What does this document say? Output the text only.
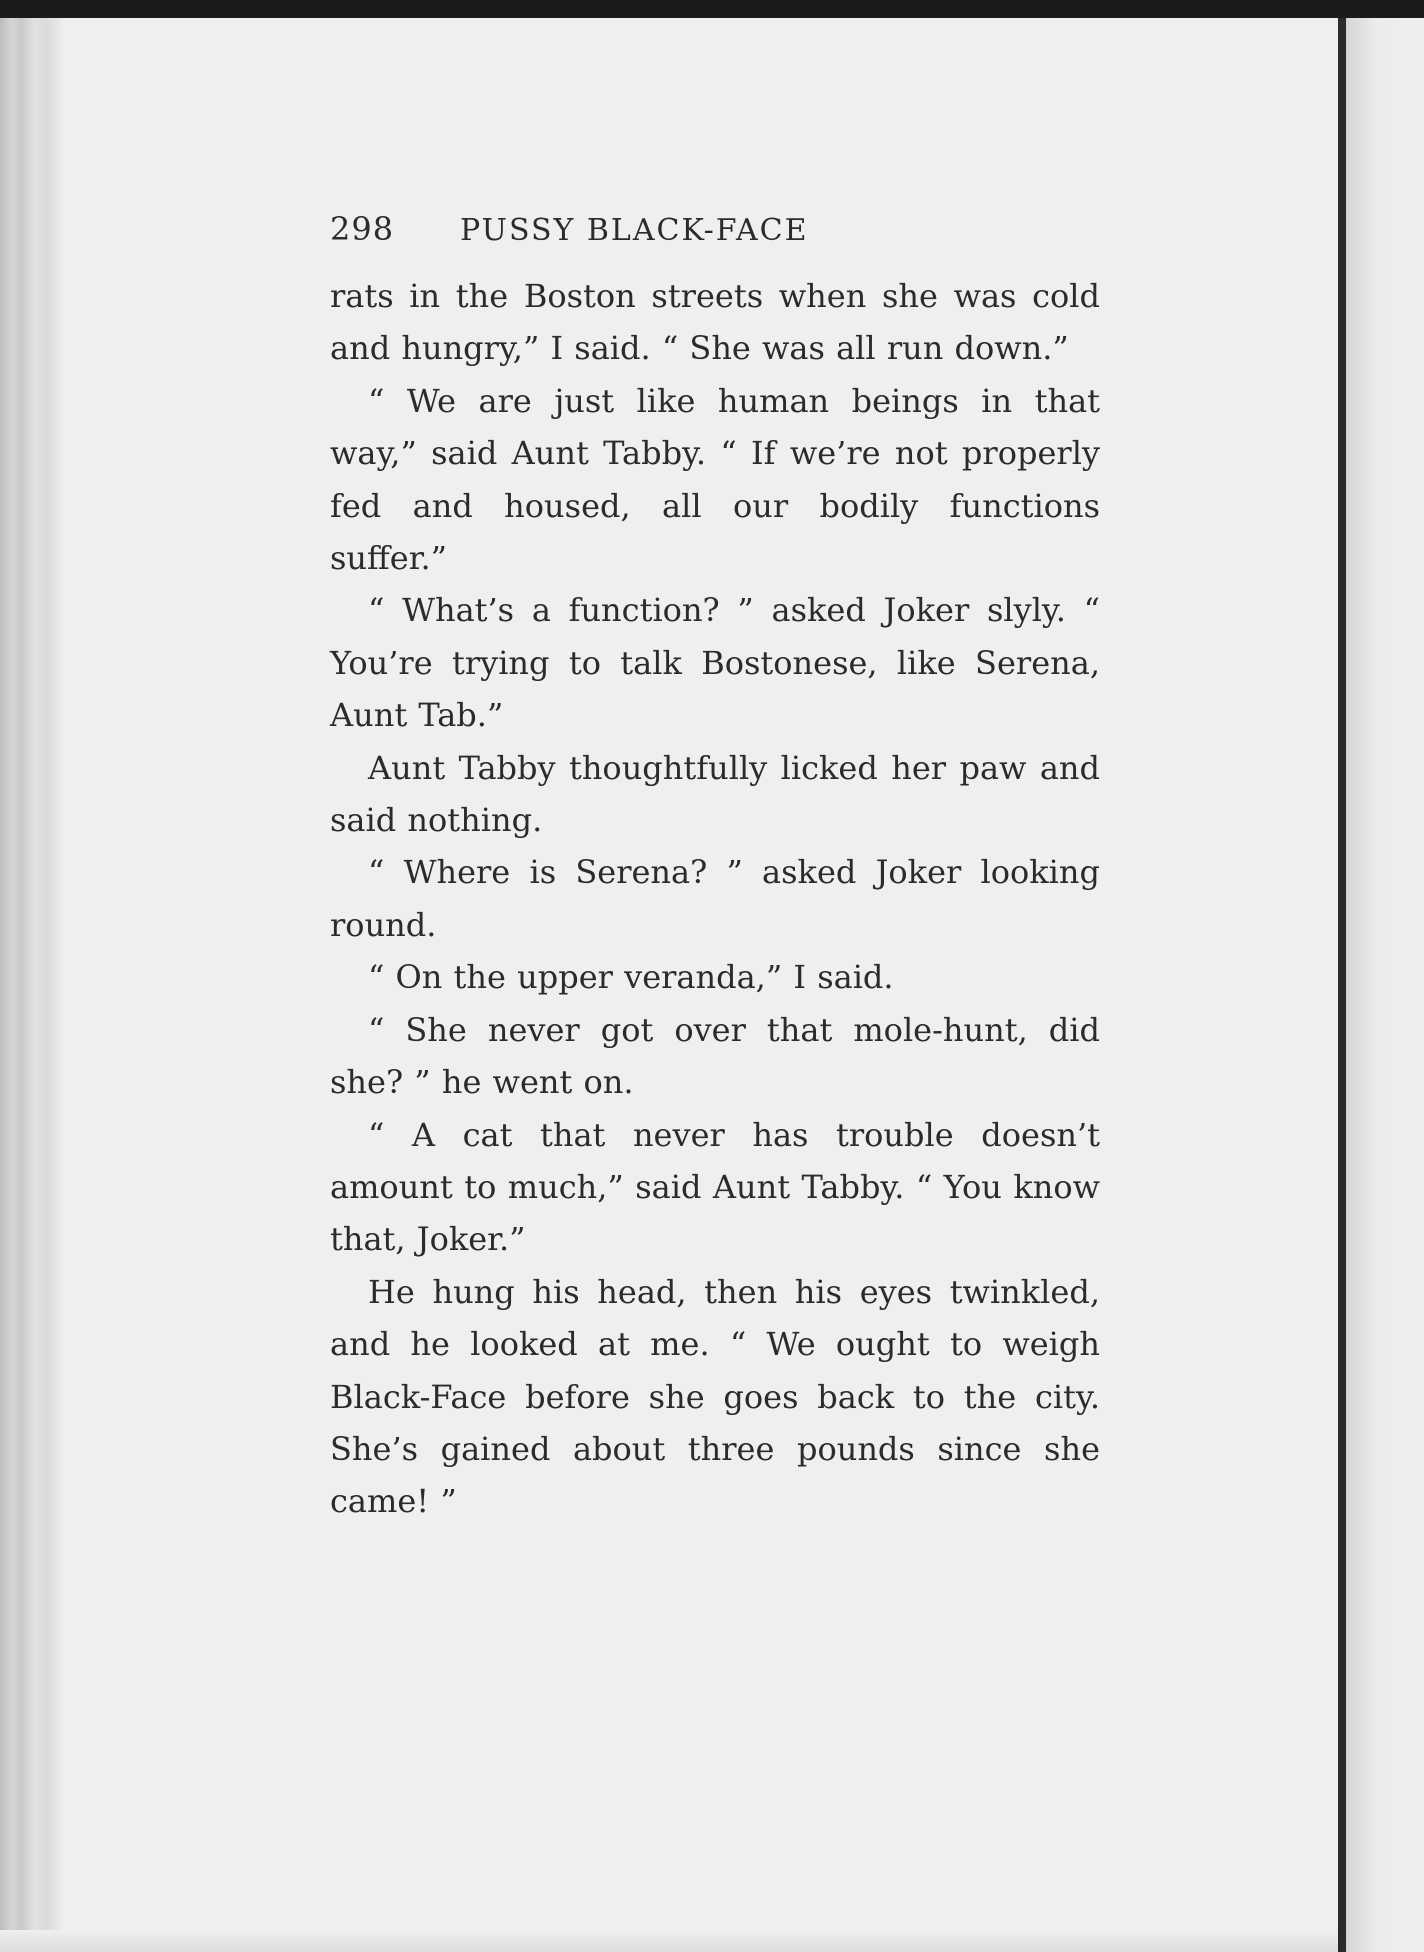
298	PUSSY BLACK-FACE

rats in the Boston streets when she was cold and hungry,” I said. “ She was all run down.”

“ We are just like human beings in that way,” said Aunt Tabby. “ If we’re not properly fed and housed, all our bodily functions suffer.”

“ What’s a function? ” asked Joker slyly. “ You’re trying to talk Bostonese, like Serena, Aunt Tab.”

Aunt Tabby thoughtfully licked her paw and said nothing.

“ Where is Serena? ” asked Joker looking round.

“ On the upper veranda,” I said.

“ She never got over that mole-hunt, did she? ” he went on.

“ A cat that never has trouble doesn’t amount to much,” said Aunt Tabby. “ You know that, Joker.”

He hung his head, then his eyes twinkled, and he looked at me. “ We ought to weigh Black-Face before she goes back to the city. She’s gained about three pounds since she came! ”
